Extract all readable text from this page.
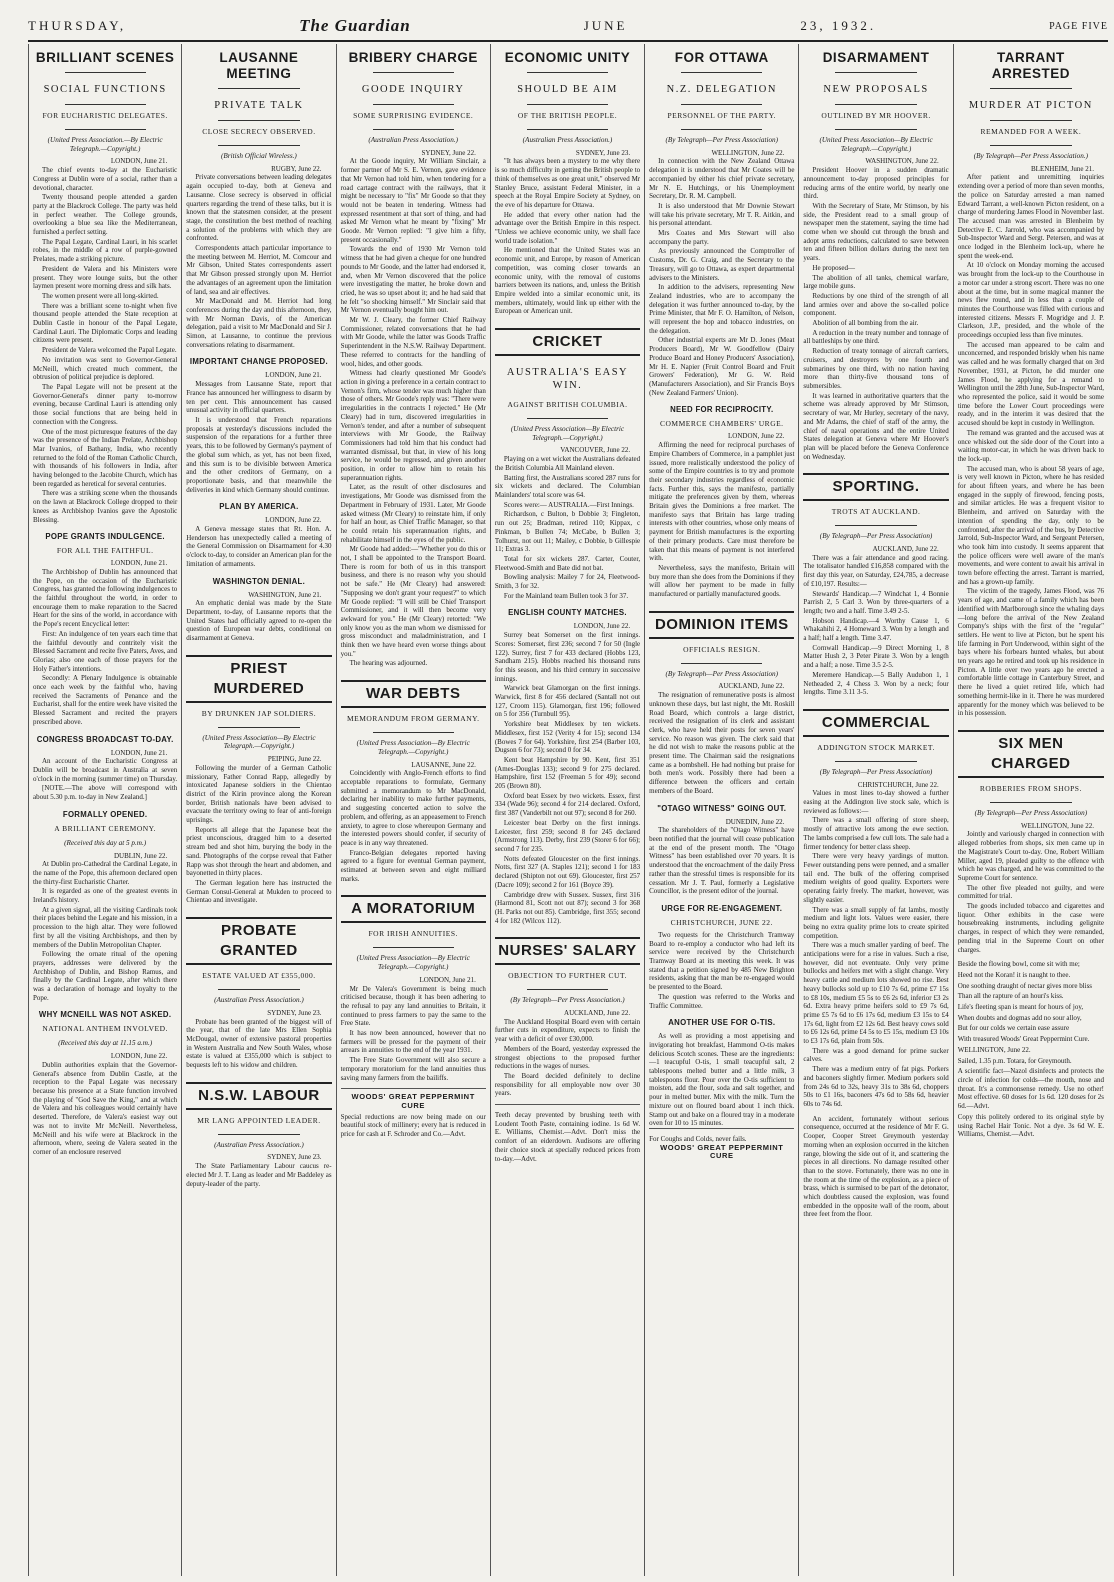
THURSDAY,	The Guardian	JUNE	23, 1932.	PAGE FIVE
BRILLIANT SCENES
SOCIAL FUNCTIONS
FOR EUCHARISTIC DELEGATES.
(United Press Association.—By Electric Telegraph.—Copyright.)
LONDON, June 21.

The chief events to-day at the Eucharistic Congress at Dublin were of a social, rather than a devotional, character.

Twenty thousand people attended a garden party at the Blackrock College. The party was held in perfect weather. The College grounds, overlooking a blue sea like the Mediterranean, furnished a perfect setting.

The Papal Legate, Cardinal Lauri, in his scarlet robes, in the middle of a row of purple-gowned Prelates, made a striking picture.

President de Valera and his Ministers were present. They wore lounge suits, but the other laymen present wore morning dress and silk hats.

The women present were all long-skirted.

There was a brilliant scene to-night when five thousand people attended the State reception at Dublin Castle in honour of the Papal Legate, Cardinal Lauri. The Diplomatic Corps and leading citizens were present.

President de Valera welcomed the Papal Legate.

No invitation was sent to Governor-General McNeill, which created much comment, the obtrusion of political prejudice is deplored.

The Papal Legate will not be present at the Governor-General's dinner party to-morrow evening, because Cardinal Lauri is attending only those social functions that are being held in connection with the Congress.

One of the most picturesque features of the day was the presence of the Indian Prelate, Archbishop Mar Ivanios, of Bathany, India, who recently returned to the fold of the Roman Catholic Church, with thousands of his followers in India, after having belonged to the Jacobite Church, which has been regarded as heretical for several centuries.

There was a striking scene when the thousands on the lawn at Blackrock College dropped to their knees as Archbishop Ivanios gave the Apostolic Blessing.

POPE GRANTS INDULGENCE.
FOR ALL THE FAITHFUL.
LONDON, June 21.

The Archbishop of Dublin has announced that the Pope, on the occasion of the Eucharistic Congress, has granted the following indulgences to the faithful throughout the world, in order to encourage them to make reparation to the Sacred Heart for the sins of the world, in accordance with the Pope's recent Encyclical letter:

First: An indulgence of ten years each time that the faithful devoutly and contritely visit the Blessed Sacrament and recite five Paters, Aves, and Glorias; also one each of those prayers for the Holy Father's intentions.

Secondly: A Plenary Indulgence is obtainable once each week by the faithful who, having received the Sacraments of Penance and the Eucharist, shall for the entire week have visited the Blessed Sacrament and recited the prayers prescribed above.

CONGRESS BROADCAST TO-DAY.
LONDON, June 21.

An account of the Eucharistic Congress at Dublin will be broadcast in Australia at seven o'clock in the morning (summer time) on Thursday.

[NOTE.—The above will correspond with about 5.30 p.m. to-day in New Zealand.]

FORMALLY OPENED.
A BRILLIANT CEREMONY.
(Received this day at 5 p.m.)
DUBLIN, June 22.

At Dublin pro-Cathedral the Cardinal Legate, in the name of the Pope, this afternoon declared open the thirty-first Eucharistic Charter.

It is regarded as one of the greatest events in Ireland's history.

At a given signal, all the visiting Cardinals took their places behind the Legate and his mission, in a procession to the high altar. They were followed first by all the visiting Archbishops, and then by members of the Dublin Metropolitan Chapter.

Following the ornate ritual of the opening prayers, addresses were delivered by the Archbishop of Dublin, and Bishop Ramus, and finally by the Cardinal Legate, after which there was a declaration of homage and loyalty to the Pope.

WHY MCNEILL WAS NOT ASKED.
NATIONAL ANTHEM INVOLVED.
(Received this day at 11.15 a.m.)
LONDON, June 22.

Dublin authorities explain that the Governor-General's absence from Dublin Castle, at the reception to the Papal Legate was necessary because his presence at a State function involved the playing of "God Save the King," and at which de Valera and his colleagues would certainly have deserted. Therefore, de Valera's easiest way out was not to invite Mr McNeill. Nevertheless, McNeill and his wife were at Blackrock in the afternoon, where, seeing de Valera seated in the corner of an enclosure reserved

LAUSANNE MEETING
PRIVATE TALK
CLOSE SECRECY OBSERVED.
(British Official Wireless.)
RUGBY, June 22.

Private conversations between leading delegates again occupied to-day, both at Geneva and Lausanne. Close secrecy is observed in official quarters regarding the trend of these talks, but it is known that the statesmen consider, at the present stage, the constitution the best method of reaching a solution of the problems with which they are confronted.

Correspondents attach particular importance to the meeting between M. Herriot, M. Comcour and Mr Gibson, United States correspondents assert that Mr Gibson pressed strongly upon M. Herriot the advantages of an agreement upon the limitation of land, sea and air effectives.

Mr MacDonald and M. Herriot had long conferences during the day and this afternoon, they, with Mr Norman Davis, of the American delegation, paid a visit to Mr MacDonald and Sir J. Simon, at Lausanne, to continue the previous conversations relating to disarmament.

IMPORTANT CHANGE PROPOSED.
LONDON, June 21.

Messages from Lausanne State, report that France has announced her willingness to disarm by ten per cent. This announcement has caused unusual activity in official quarters.

It is understood that French reparations proposals at yesterday's discussions included the suspension of the reparations for a further three years, this to be followed by Germany's payment of the global sum which, as yet, has not been fixed, and this sum is to be divisible between America and the other creditors of Germany, on a proportionate basis, and that meanwhile the deliveries in kind which Germany should continue.

PLAN BY AMERICA.
LONDON, June 22.

A Geneva message states that Rt. Hon. A. Henderson has unexpectedly called a meeting of the General Commission on Disarmament for 4.30 o'clock to-day, to consider an American plan for the limitation of armaments.

WASHINGTON DENIAL.
WASHINGTON, June 21.

An emphatic denial was made by the State Department, to-day, of Lausanne reports that the United States had officially agreed to re-open the question of European war debts, conditional on disarmament at Geneva.

PRIEST MURDERED
BY DRUNKEN JAP SOLDIERS.
(United Press Association—By Electric Telegraph.—Copyright.)
PEIPING, June 22.

Following the murder of a German Catholic missionary, Father Conrad Rapp, allegedly by intoxicated Japanese soldiers in the Chientao district of the Kirin province along the Korean border, British nationals have been advised to evacuate the territory owing to fear of anti-foreign uprisings.

Reports all allege that the Japanese beat the priest unconscious, dragged him to a deserted stream bed and shot him, burying the body in the sand. Photographs of the corpse reveal that Father Rapp was shot through the heart and abdomen, and bayonetted in thirty places.

The German legation here has instructed the German Consul-General at Mukden to proceed to Chientao and investigate.

PROBATE GRANTED
ESTATE VALUED AT £355,000.
(Australian Press Association.)
SYDNEY, June 23.

Probate has been granted of the biggest will of the year, that of the late Mrs Ellen Sophia McDougal, owner of extensive pastoral properties in Western Australia and New South Wales, whose estate is valued at £355,000 which is subject to bequests left to his widow and children.

N.S.W. LABOUR
MR LANG APPOINTED LEADER.
(Australian Press Association.)
SYDNEY, June 23.

The State Parliamentary Labour caucus re-elected Mr J. T. Lang as leader and Mr Baddeley as deputy-leader of the party.

BRIBERY CHARGE
GOODE INQUIRY
SOME SURPRISING EVIDENCE.
(Australian Press Association.)
SYDNEY, June 22.

At the Goode inquiry, Mr William Sinclair, a former partner of Mr S. E. Vernon, gave evidence that Mr Vernon had told him, when tendering for a road cartage contract with the railways, that it might be necessary to "fix" Mr Goode so that they would not be beaten in tendering. Witness had expressed resentment at that sort of thing, and had asked Mr Vernon what he meant by "fixing" Mr Goode. Mr Vernon replied: "I give him a fifty, present occasionally."

Towards the end of 1930 Mr Vernon told witness that he had given a cheque for one hundred pounds to Mr Goode, and the latter had endorsed it, and, when Mr Vernon discovered that the police were investigating the matter, he broke down and cried, he was so upset about it; and he had said that he felt "so shocking himself." Mr Sinclair said that Mr Vernon eventually bought him out.

Mr W. J. Cleary, the former Chief Railway Commissioner, related conversations that he had with Mr Goode, while the latter was Goods Traffic Superintendent in the N.S.W. Railway Department. These referred to contracts for the handling of wool, hides, and other goods.

Witness had clearly questioned Mr Goode's action in giving a preference in a certain contract to Vernon's firm, whose tender was much higher than those of others. Mr Goode's reply was: "There were irregularities in the contracts I rejected." He (Mr Cleary) had in turn, discovered irregularities in Vernon's tender, and after a number of subsequent interviews with Mr Goode, the Railway Commissioners had told him that his conduct had warranted dismissal, but that, in view of his long service, he would be regressed, and given another position, in order to allow him to retain his superannuation rights.

Later, as the result of other disclosures and investigations, Mr Goode was dismissed from the Department in February of 1931. Later, Mr Goode asked witness (Mr Cleary) to reinstate him, if only for half an hour, as Chief Traffic Manager, so that he could retain his superannuation rights, and rehabilitate himself in the eyes of the public.

Mr Goode had added:—"Whether you do this or not, I shall be appointed to the Transport Board. There is room for both of us in this transport business, and there is no reason why you should not be safe." He (Mr Cleary) had answered: "Supposing we don't grant your request?" to which Mr Goode replied: "I will still be Chief Transport Commissioner, and it will then become very awkward for you." He (Mr Cleary) retorted: "We only know you as the man whom we dismissed for gross misconduct and maladministration, and I think then we have heard even worse things about you."

The hearing was adjourned.

WAR DEBTS
MEMORANDUM FROM GERMANY.
(United Press Association—By Electric Telegraph.—Copyright.)
LAUSANNE, June 22.

Coincidently with Anglo-French efforts to find acceptable reparations to formulate, Germany submitted a memorandum to Mr MacDonald, declaring her inability to make further payments, and suggesting concerted action to solve the problem, and offering, as an appeasement to French anxiety, to agree to close whereupon Germany and the interested powers should confer, if security of peace is in any way threatened.

Franco-Belgian delegates reported having agreed to a figure for eventual German payment, estimated at between seven and eight milliard marks.

A MORATORIUM
FOR IRISH ANNUITIES.
(United Press Association—By Electric Telegraph.—Copyright.)
LONDON, June 21.

Mr De Valera's Government is being much criticised because, though it has been adhering to the refusal to pay any land annuities to Britain, it continued to press farmers to pay the same to the Free State.

It has now been announced, however that no farmers will be pressed for the payment of their arrears in annuities to the end of the year 1931.

The Free State Government will also secure a temporary moratorium for the land annuities thus saving many farmers from the bailiffs.

WOODS' GREAT PEPPERMINT CURE

Special reductions are now being made on our beautiful stock of millinery; every hat is reduced in price for cash at F. Schroder and Co.—Advt.

ECONOMIC UNITY
SHOULD BE AIM
OF THE BRITISH PEOPLE.
(Australian Press Association.)
SYDNEY, June 23.

"It has always been a mystery to me why there is so much difficulty in getting the British people to think of themselves as one great unit," observed Mr Stanley Bruce, assistant Federal Minister, in a speech at the Royal Empire Society at Sydney, on the eve of his departure for Ottawa.

He added that every other nation had the advantage over the British Empire in this respect. "Unless we achieve economic unity, we shall face world trade isolation."

He mentioned that the United States was an economic unit, and Europe, by reason of American competition, was coming closer towards an economic unity, with the removal of customs barriers between its nations, and, unless the British Empire welded into a similar economic unit, its members, ultimately, would link up either with the European or American unit.

CRICKET
AUSTRALIA'S EASY WIN.
AGAINST BRITISH COLUMBIA.
(United Press Association—By Electric Telegraph.—Copyright.)
VANCOUVER, June 22.

Playing on a wet wicket the Australians defeated the British Columbia All Mainland eleven.

Batting first, the Australians scored 287 runs for six wickets and declared. The Columbian Mainlanders' total score was 64.

Scores were:— AUSTRALIA.—First Innings.

Richardson, c Bulton, b Dobbie 3; Fingleton, run out 25; Bradman, retired 110; Kippax, c Pinkman, b Bullen 74; McCabe, b Bullen 3; Tolhurst, not out 11; Mailey, c Dobbie, b Gillespie 11; Extras 3.

Total for six wickets 287. Carter, Couter, Fleetwood-Smith and Bate did not bat.

Bowling analysis: Mailey 7 for 24, Fleetwood-Smith, 3 for 32.

For the Mainland team Bullen took 3 for 37.

ENGLISH COUNTY MATCHES.
LONDON, June 22.

Surrey beat Somerset on the first innings. Scores: Somerset, first 236; second 7 for 50 (Ingle 122). Surrey, first 7 for 433 declared (Hobbs 123, Sandham 215). Hobbs reached his thousand runs for this season, and his third century in successive innings.

Warwick beat Glamorgan on the first innings. Warwick, first 8 for 456 declared (Santall not out 127, Croom 115). Glamorgan, first 196; followed on 5 for 356 (Turnbull 95).

Yorkshire beat Middlesex by ten wickets. Middlesex, first 152 (Verity 4 for 15); second 134 (Bowes 7 for 64). Yorkshire, first 254 (Barber 103, Dugson 6 for 73); second 0 for 34.

Kent beat Hampshire by 90. Kent, first 351 (Ames-Douglas 133); second 9 for 275 declared. Hampshire, first 152 (Freeman 5 for 49); second 205 (Brown 80).

Oxford beat Essex by two wickets. Essex, first 334 (Wade 96); second 4 for 214 declared. Oxford, first 387 (Vanderbilt not out 97); second 8 for 260.

Leicester beat Derby on the first innings. Leicester, first 259; second 8 for 245 declared (Armstrong 113). Derby, first 239 (Storer 6 for 66); second 7 for 235.

Notts defeated Gloucester on the first innings. Notts, first 327 (A. Staples 121); second 1 for 183 declared (Shipton not out 69). Gloucester, first 257 (Dacre 109); second 2 for 161 (Boyce 39).

Cambridge drew with Sussex. Sussex, first 316 (Harmond 81, Scott not out 87); second 3 for 368 (H. Parks not out 85). Cambridge, first 355; second 4 for 182 (Wilcox 112).

NURSES' SALARY
OBJECTION TO FURTHER CUT.
(By Telegraph—Per Press Association.)
AUCKLAND, June 22.

The Auckland Hospital Board even with certain further cuts in expenditure, expects to finish the year with a deficit of over £30,000.

Members of the Board, yesterday expressed the strongest objections to the proposed further reductions in the wages of nurses.

The Board decided definitely to decline responsibility for all employable now over 30 years.

Teeth decay prevented by brushing teeth with Loudent Tooth Paste, containing iodine. 1s 6d W. E. Williams, Chemist.—Advt. Don't miss the comfort of an eiderdown. Audisons are offering their choice stock at specially reduced prices from to-day.—Advt.

FOR OTTAWA
N.Z. DELEGATION
PERSONNEL OF THE PARTY.
(By Telegraph—Per Press Association)
WELLINGTON, June 22.

In connection with the New Zealand Ottawa delegation it is understood that Mr Coates will be accompanied by either his chief private secretary, Mr N. E. Hutchings, or his Unemployment Secretary, Dr. R. M. Campbell.

It is also understood that Mr Downie Stewart will take his private secretary, Mr T. R. Aitkin, and his personal attendant.

Mrs Coates and Mrs Stewart will also accompany the party.

As previously announced the Comptroller of Customs, Dr. G. Craig, and the Secretary to the Treasury, will go to Ottawa, as expert departmental advisers to the Ministers.

In addition to the advisers, representing New Zealand industries, who are to accompany the delegation it was further announced to-day, by the Prime Minister, that Mr F. O. Hamilton, of Nelson, will represent the hop and tobacco industries, on the delegation.

Other industrial experts are Mr D. Jones (Meat Producers Board), Mr W. Goodfellow (Dairy Produce Board and Honey Producers' Association), Mr H. E. Napier (Fruit Control Board and Fruit Growers' Federation), Mr G. W. Reid (Manufacturers Association), and Sir Francis Boys (New Zealand Farmers' Union).

NEED FOR RECIPROCITY.
COMMERCE CHAMBERS' URGE.
LONDON, June 22.

Affirming the need for reciprocal purchases of Empire Chambers of Commerce, in a pamphlet just issued, more realistically understood the policy of some of the Empire countries is to try and promote their secondary industries regardless of economic facts. Further this, says the manifesto, partially mitigate the preferences given by them, whereas Britain gives the Dominions a free market. The manifesto says that Britain has large trading interests with other countries, whose only means of payment for British manufactures is the exporting of their primary products. Care must therefore be taken that this means of payment is not interfered with.

Nevertheless, says the manifesto, Britain will buy more than she does from the Dominions if they will allow her payment to be made in fully manufactured or partially manufactured goods.

DOMINION ITEMS
OFFICIALS RESIGN.
(By Telegraph—Per Press Association)
AUCKLAND, June 22.

The resignation of remunerative posts is almost unknown these days, but last night, the Mt. Roskill Road Board, which controls a large district, received the resignation of its clerk and assistant clerk, who have held their posts for seven years' service. No reason was given. The clerk said that he did not wish to make the reasons public at the present time. The Chairman said the resignations came as a bombshell. He had nothing but praise for both men's work. Possibly there had been a difference between the officers and certain members of the Board.

"OTAGO WITNESS" GOING OUT.
DUNEDIN, June 22.

The shareholders of the "Otago Witness" have been notified that the journal will cease publication at the end of the present month. The "Otago Witness" has been established over 70 years. It is understood that the encroachment of the daily Press rather than the stressful times is responsible for its cessation. Mr J. T. Paul, formerly a Legislative Councillor, is the present editor of the journal.

URGE FOR RE-ENGAGEMENT.
CHRISTCHURCH, JUNE 22.

Two requests for the Christchurch Tramway Board to re-employ a conductor who had left its service were received by the Christchurch Tramway Board at its meeting this week. It was stated that a petition signed by 485 New Brighton residents, asking that the man be re-engaged would be presented to the Board.

The question was referred to the Works and Traffic Committee.

ANOTHER USE FOR O-TIS.

As well as providing a most appetising and invigorating hot breakfast, Hammond O-tis makes delicious Scotch scones. These are the ingredients:—1 teacupful O-tis, 1 small teacupful salt, 2 tablespoons melted butter and a little milk, 3 tablespoons flour. Pour over the O-tis sufficient to moisten, add the flour, soda and salt together, and pour in melted butter. Mix with the milk. Turn the mixture out on floured board about 1 inch thick. Stamp out and bake on a floured tray in a moderate oven for 10 to 15 minutes.

For Coughs and Colds, never fails.

WOODS' GREAT PEPPERMINT CURE
DISARMAMENT
NEW PROPOSALS
OUTLINED BY MR HOOVER.
(United Press Association—By Electric Telegraph.—Copyright.)
WASHINGTON, June 22.

President Hoover in a sudden dramatic announcement to-day proposed principles for reducing arms of the entire world, by nearly one third.

With the Secretary of State, Mr Stimson, by his side, the President read to a small group of newspaper men the statement, saying the time had come when we should cut through the brush and adopt arms reductions, calculated to save between ten and fifteen billion dollars during the next ten years.

He proposed—

The abolition of all tanks, chemical warfare, large mobile guns.

Reductions by one third of the strength of all land armies over and above the so-called police component.

Abolition of all bombing from the air.

A reduction in the treaty number and tonnage of all battleships by one third.

Reduction of treaty tonnage of aircraft carriers, cruisers, and destroyers by one fourth and submarines by one third, with no nation having more than thirty-five thousand tons of submersibles.

It was learned in authoritative quarters that the scheme was already approved by Mr Stimson, secretary of war, Mr Hurley, secretary of the navy, and Mr Adams, the chief of staff of the army, the chief of naval operations and the entire United States delegation at Geneva where Mr Hoover's plan will be placed before the Geneva Conference on Wednesday.

SPORTING.
TROTS AT AUCKLAND.
(By Telegraph—Per Press Association)
AUCKLAND, June 22.

There was a fair attendance and good racing. The totalisator handled £16,858 compared with the first day this year, on Saturday, £24,785, a decrease of £10,197. Results:—

Stewards' Handicap.—7 Windchat 1, 4 Bonnie Parrish 2, 5 Carl 3. Won by three-quarters of a length; two and a half. Time 3.49 2-5.

Hobson Handicap.—4 Worthy Cause 1, 6 Whakahihi 2, 4 Homeward 3. Won by a length and a half; half a length. Time 3.47.

Cornwall Handicap.—9 Direct Morning 1, 8 Matter Hush 2, 3 Peter Pirate 3. Won by a length and a half; a nose. Time 3.5 2-5.

Meremere Handicap.—5 Bally Audubon 1, 1 Netheaded 2, 4 Chess 3. Won by a neck; four lengths. Time 3.11 3-5.

COMMERCIAL
ADDINGTON STOCK MARKET.
(By Telegraph—Per Press Association)
CHRISTCHURCH, June 22.

Values in most lines to-day showed a further easing at the Addington live stock sale, which is reviewed as follows:—

There was a small offering of store sheep, mostly of attractive lots among the ewe section. The lambs comprised a few cull lots. The sale had a firmer tendency for better class sheep.

There were very heavy yardings of mutton. Fewer outstanding pens were penned, and a smaller tail end. The bulk of the offering comprised medium weights of good quality. Exporters were operating fairly freely. The market, however, was slightly easier.

There was a small supply of fat lambs, mostly medium and light lots. Values were easier, there being no extra quality prime lots to create spirited competition.

There was a much smaller yarding of beef. The anticipations were for a rise in values. Such a rise, however, did not eventuate. Only very prime bullocks and heifers met with a slight change. Very heavy cattle and medium lots showed no rise. Best heavy bullocks sold up to £10 7s 6d, prime £7 15s to £8 10s, medium £5 5s to £6 2s 6d, inferior £3 2s 6d. Extra heavy prime heifers sold to £9 7s 6d, prime £5 7s 6d to £6 17s 6d, medium £3 15s to £4 17s 6d, light from £2 12s 6d. Best heavy cows sold to £6 12s 6d, prime £4 5s to £5 15s, medium £3 10s to £3 17s 6d, plain from 50s.

There was a good demand for prime sucker calves.

There was a medium entry of fat pigs. Porkers and baconers slightly firmer. Medium porkers sold from 24s 6d to 32s, heavy 31s to 38s 6d, choppers 50s to £1 16s, baconers 47s 6d to 58s 6d, heavier 60s to 74s 6d.

An accident, fortunately without serious consequence, occurred at the residence of Mr F. G. Cooper, Cooper Street Greymouth yesterday morning when an explosion occurred in the kitchen range, blowing the side out of it, and scattering the pieces in all directions. No damage resulted other than to the stove. Fortunately, there was no one in the room at the time of the explosion, as a piece of brass, which is surmised to be part of the detonator, which doubtless caused the explosion, was found embedded in the opposite wall of the room, about three feet from the floor.

TARRANT ARRESTED
MURDER AT PICTON
REMANDED FOR A WEEK.
(By Telegraph—Per Press Association.)
BLENHEIM, June 21.

After patient and unremitting inquiries extending over a period of more than seven months, the police on Saturday arrested a man named Edward Tarrant, a well-known Picton resident, on a charge of murdering James Flood in November last. The accused man was arrested in Blenheim by Detective E. C. Jarrold, who was accompanied by Sub-Inspector Ward and Sergt. Petersen, and was at once lodged in the Blenheim lock-up, where he spent the week-end.

At 10 o'clock on Monday morning the accused was brought from the lock-up to the Courthouse in a motor car under a strong escort. There was no one about at the time, but in some magical manner the news flew round, and in less than a couple of minutes the Courthouse was filled with curious and interested citizens. Messrs F. Mogridge and J. P. Clarkson, J.P., presided, and the whole of the proceedings occupied less than five minutes.

The accused man appeared to be calm and unconcerned, and responded briskly when his name was called and he was formally charged that on 3rd November, 1931, at Picton, he did murder one James Flood, he applying for a remand to Wellington until the 28th June, Sub-Inspector Ward, who represented the police, said it would be some time before the Lower Court proceedings were ready, and in the interim it was desired that the accused should be kept in custody in Wellington.

The remand was granted and the accused was at once whisked out the side door of the Court into a waiting motor-car, in which he was driven back to the lock-up.

The accused man, who is about 58 years of age, is very well known in Picton, where he has resided for about fifteen years, and where he has been engaged in the supply of firewood, fencing posts, and similar articles. He was a frequent visitor to Blenheim, and arrived on Saturday with the intention of spending the day, only to be confronted, after the arrival of the bus, by Detective Jarrold, Sub-Inspector Ward, and Sergeant Petersen, who took him into custody. It seems apparent that the police officers were well aware of the man's movements, and were content to await his arrival in town before effecting the arrest. Tarrant is married, and has a grown-up family.

The victim of the tragedy, James Flood, was 76 years of age, and came of a family which has been identified with Marlborough since the whaling days—long before the arrival of the New Zealand Company's ships with the first of the "regular" settlers. He went to live at Picton, but he spent his life farming in Port Underwood, within sight of the bays where his forbears hunted whales, but about ten years ago he retired and took up his residence in Picton. A little over two years ago he erected a comfortable little cottage in Canterbury Street, and there he lived a quiet retired life, which had something hermit-like in it. There he was murdered apparently for the money which was believed to be in his possession.

SIX MEN CHARGED
ROBBERIES FROM SHOPS.
(By Telegraph—Per Press Association)
WELLINGTON, June 22.

Jointly and variously charged in connection with alleged robberies from shops, six men came up in the Magistrate's Court to-day. One, Robert William Miller, aged 19, pleaded guilty to the offence with which he was charged, and he was committed to the Supreme Court for sentence.

The other five pleaded not guilty, and were committed for trial.

The goods included tobacco and cigarettes and liquor. Other exhibits in the case were housebreaking instruments, including gelignite charges, in respect of which they were remanded, pending trial in the Supreme Court on other charges.

Beside the flowing bowl, come sit with me;

Heed not the Koran! it is naught to thee.

One soothing draught of nectar gives more bliss

Than all the rapture of an houri's kiss.

Life's fleeting span is meant for hours of joy,

When doubts and dogmas add no sour alloy,

But for our colds we certain ease assure

With treasured Woods' Great Peppermint Cure.

WELLINGTON, June 22.

Sailed, 1.35 p.m. Totara, for Greymouth.

A scientific fact—Nazol disinfects and protects the circle of infection for colds—the mouth, nose and throat. It's a commonsense remedy. Use no other! Most effective. 60 doses for 1s 6d. 120 doses for 2s 6d.—Advt.

Copy this politely ordered to its original style by using Rachel Hair Tonic. Not a dye. 3s 6d W. E. Williams, Chemist.—Advt.
